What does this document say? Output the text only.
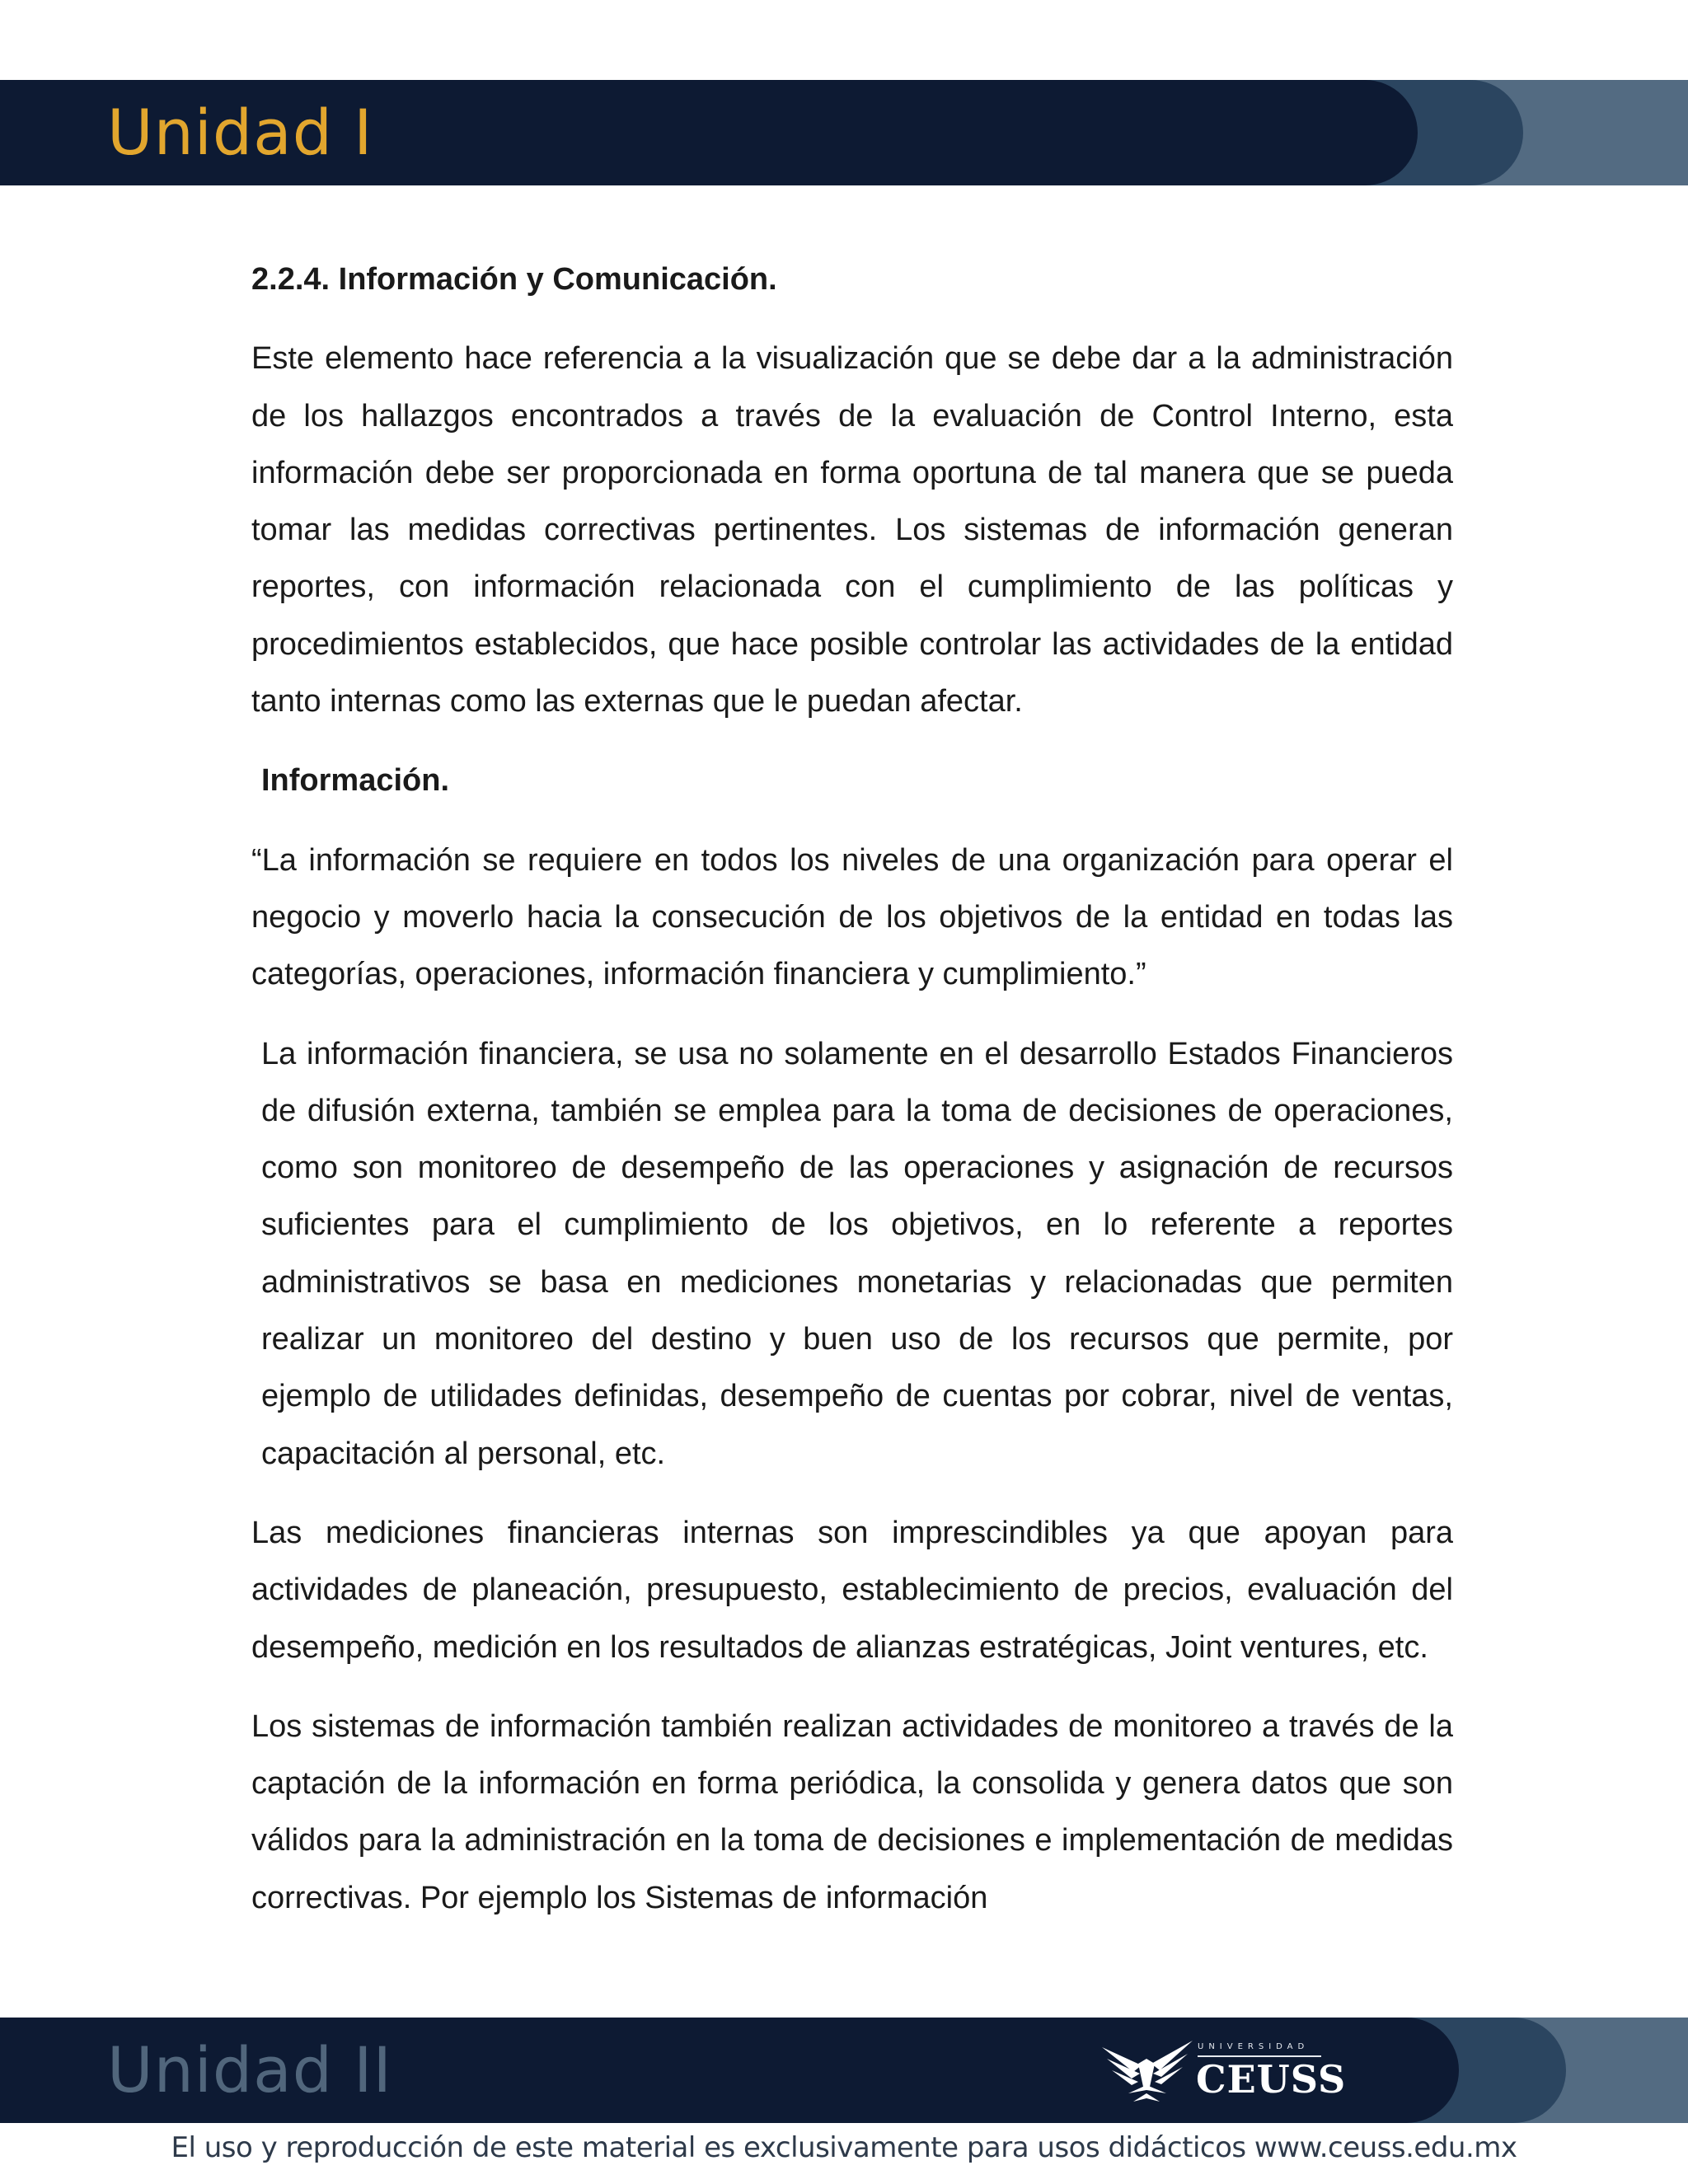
Unidad I
2.2.4. Información y Comunicación.

Este elemento hace referencia a la visualización que se debe dar a la administración de los hallazgos encontrados a través de la evaluación de Control Interno, esta información debe ser proporcionada en forma oportuna de tal manera que se pueda tomar las medidas correctivas pertinentes. Los sistemas de información generan reportes, con información relacionada con el cumplimiento de las políticas y procedimientos establecidos, que hace posible controlar las actividades de la entidad tanto internas como las externas que le puedan afectar.

Información.

“La información se requiere en todos los niveles de una organización para operar el negocio y moverlo hacia la consecución de los objetivos de la entidad en todas las categorías, operaciones, información financiera y cumplimiento.”

La información financiera, se usa no solamente en el desarrollo Estados Financieros de difusión externa, también se emplea para la toma de decisiones de operaciones, como son monitoreo de desempeño de las operaciones y asignación de recursos suficientes para el cumplimiento de los objetivos, en lo referente a reportes administrativos se basa en mediciones monetarias y relacionadas que permiten realizar un monitoreo del destino y buen uso de los recursos que permite, por ejemplo de utilidades definidas, desempeño de cuentas por cobrar, nivel de ventas, capacitación al personal, etc.

Las mediciones financieras internas son imprescindibles ya que apoyan para actividades de planeación, presupuesto, establecimiento de precios, evaluación del desempeño, medición en los resultados de alianzas estratégicas, Joint ventures, etc.

Los sistemas de información también realizan actividades de monitoreo a través de la captación de la información en forma periódica, la consolida y genera datos que son válidos para la administración en la toma de decisiones e implementación de medidas correctivas. Por ejemplo los Sistemas de información

Unidad II	UNIVERSIDAD
CEUSS
El uso y reproducción de este material es exclusivamente para usos didácticos www.ceuss.edu.mx
